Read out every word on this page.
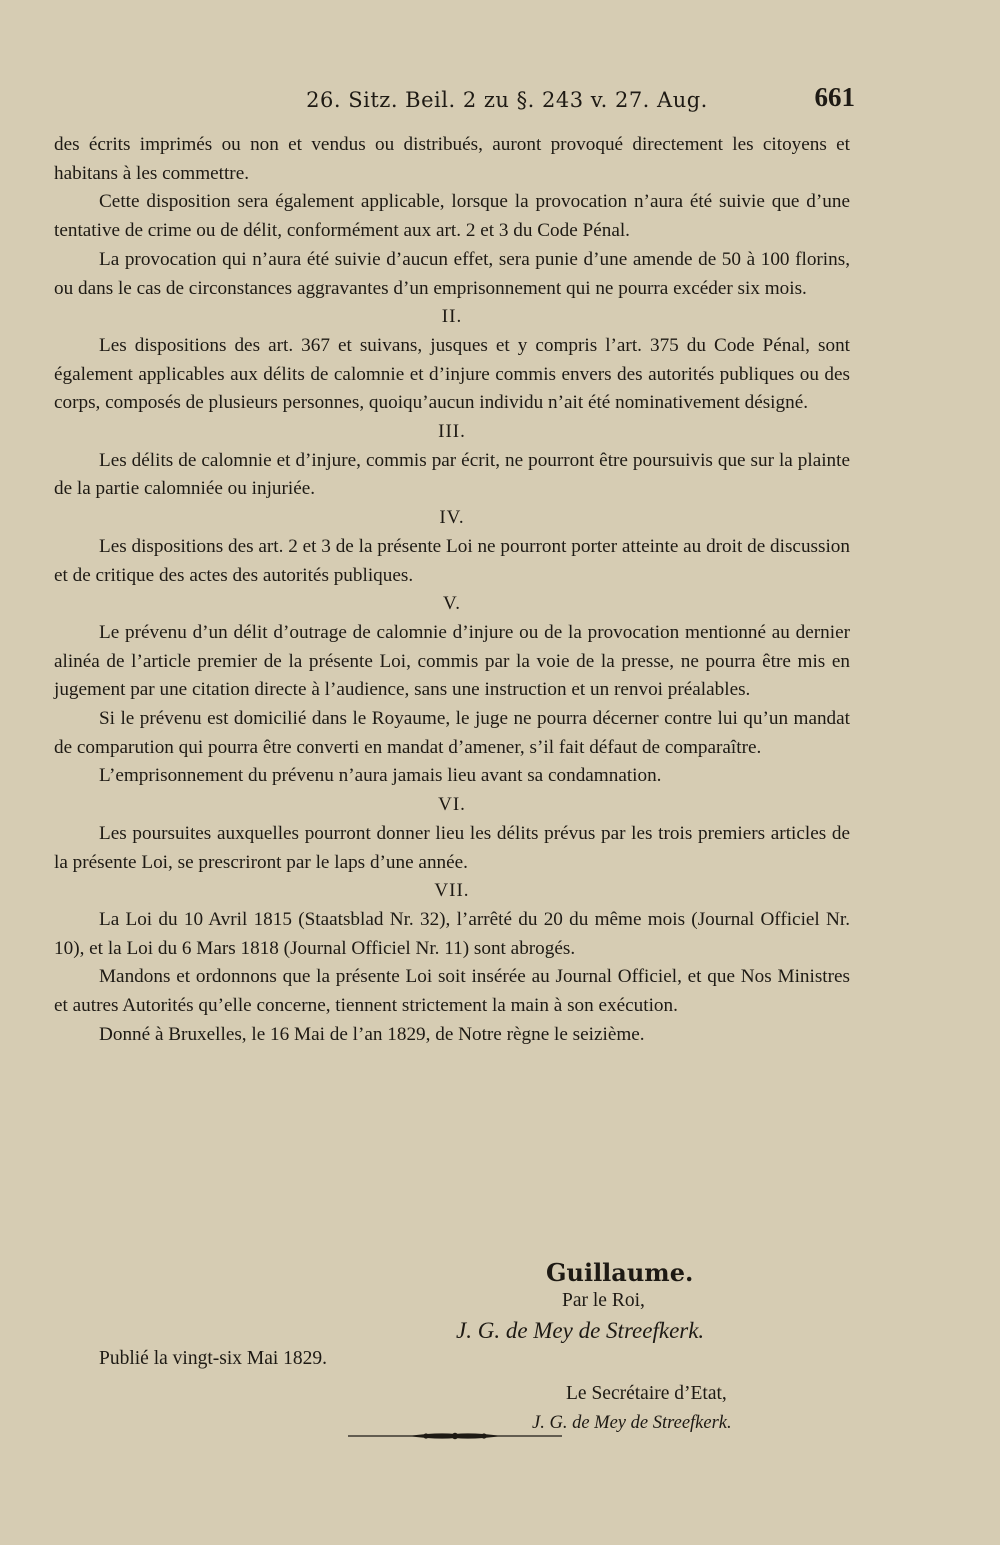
26. Sitz. Beil. 2 zu §. 243 v. 27. Aug.	661

des écrits imprimés ou non et vendus ou distribués, auront provoqué directement les citoyens et habitans à les commettre.

Cette disposition sera également applicable, lorsque la provocation n’aura été suivie que d’une tentative de crime ou de délit, conformément aux art. 2 et 3 du Code Pénal.

La provocation qui n’aura été suivie d’aucun effet, sera punie d’une amende de 50 à 100 florins, ou dans le cas de circonstances aggravantes d’un emprisonnement qui ne pourra excéder six mois.

II.

Les dispositions des art. 367 et suivans, jusques et y compris l’art. 375 du Code Pénal, sont également applicables aux délits de calomnie et d’injure commis envers des autorités publiques ou des corps, composés de plusieurs personnes, quoiqu’aucun individu n’ait été nominativement désigné.

III.

Les délits de calomnie et d’injure, commis par écrit, ne pourront être poursuivis que sur la plainte de la partie calomniée ou injuriée.

IV.

Les dispositions des art. 2 et 3 de la présente Loi ne pourront porter atteinte au droit de discussion et de critique des actes des autorités publiques.

V.

Le prévenu d’un délit d’outrage de calomnie d’injure ou de la provocation mentionné au dernier alinéa de l’article premier de la présente Loi, commis par la voie de la presse, ne pourra être mis en jugement par une citation directe à l’audience, sans une instruction et un renvoi préalables.

Si le prévenu est domicilié dans le Royaume, le juge ne pourra décerner contre lui qu’un mandat de comparution qui pourra être converti en mandat d’amener, s’il fait défaut de comparaître.

L’emprisonnement du prévenu n’aura jamais lieu avant sa condamnation.

VI.

Les poursuites auxquelles pourront donner lieu les délits prévus par les trois premiers articles de la présente Loi, se prescriront par le laps d’une année.

VII.

La Loi du 10 Avril 1815 (Staatsblad Nr. 32), l’arrêté du 20 du même mois (Journal Officiel Nr. 10), et la Loi du 6 Mars 1818 (Journal Officiel Nr. 11) sont abrogés.

Mandons et ordonnons que la présente Loi soit insérée au Journal Officiel, et que Nos Ministres et autres Autorités qu’elle concerne, tiennent strictement la main à son exécution.

Donné à Bruxelles, le 16 Mai de l’an 1829, de Notre règne le seizième.

Guillaume.
Par le Roi,
J. G. de Mey de Streefkerk.
Publié la vingt-six Mai 1829.
Le Secrétaire d’Etat,
J. G. de Mey de Streefkerk.
